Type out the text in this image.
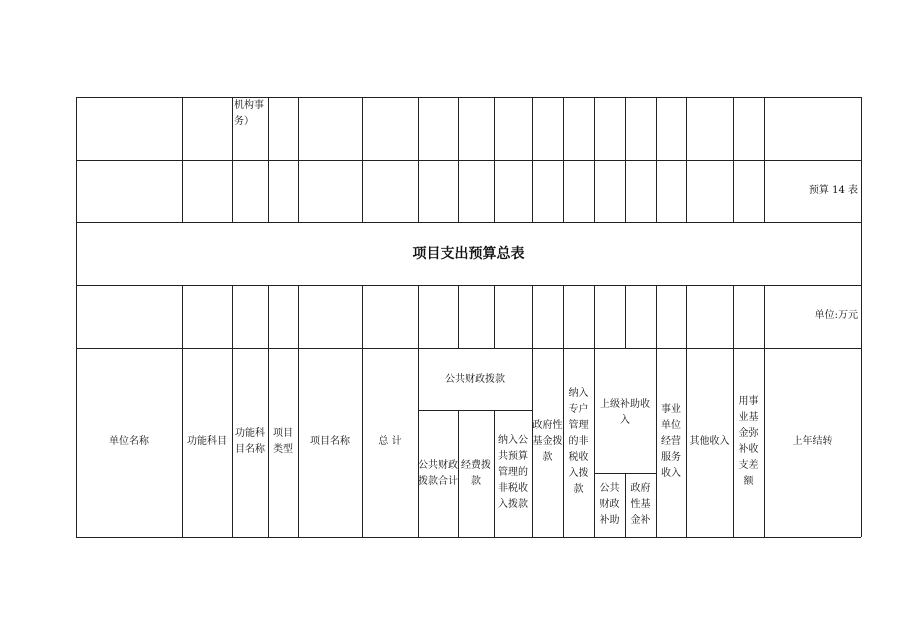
机构事
务）
预算 14 表
项目支出预算总表
单位:万元
单位名称	功能科目
功能科
目名称
项目
类型
项目名称	总 计
公共财政拨款
公共财政
拨款合计
经费拨
款
纳入公
共预算
管理的
非税收
入拨款
政府性
基金拨
款
纳入
专户
管理
的非
税收
入拨
款
上级补助收
入
公共
财政
补助
政府
性基
金补
事业
单位
经营
服务
收入
其他收入
用事
业基
金弥
补收
支差
额
上年结转
